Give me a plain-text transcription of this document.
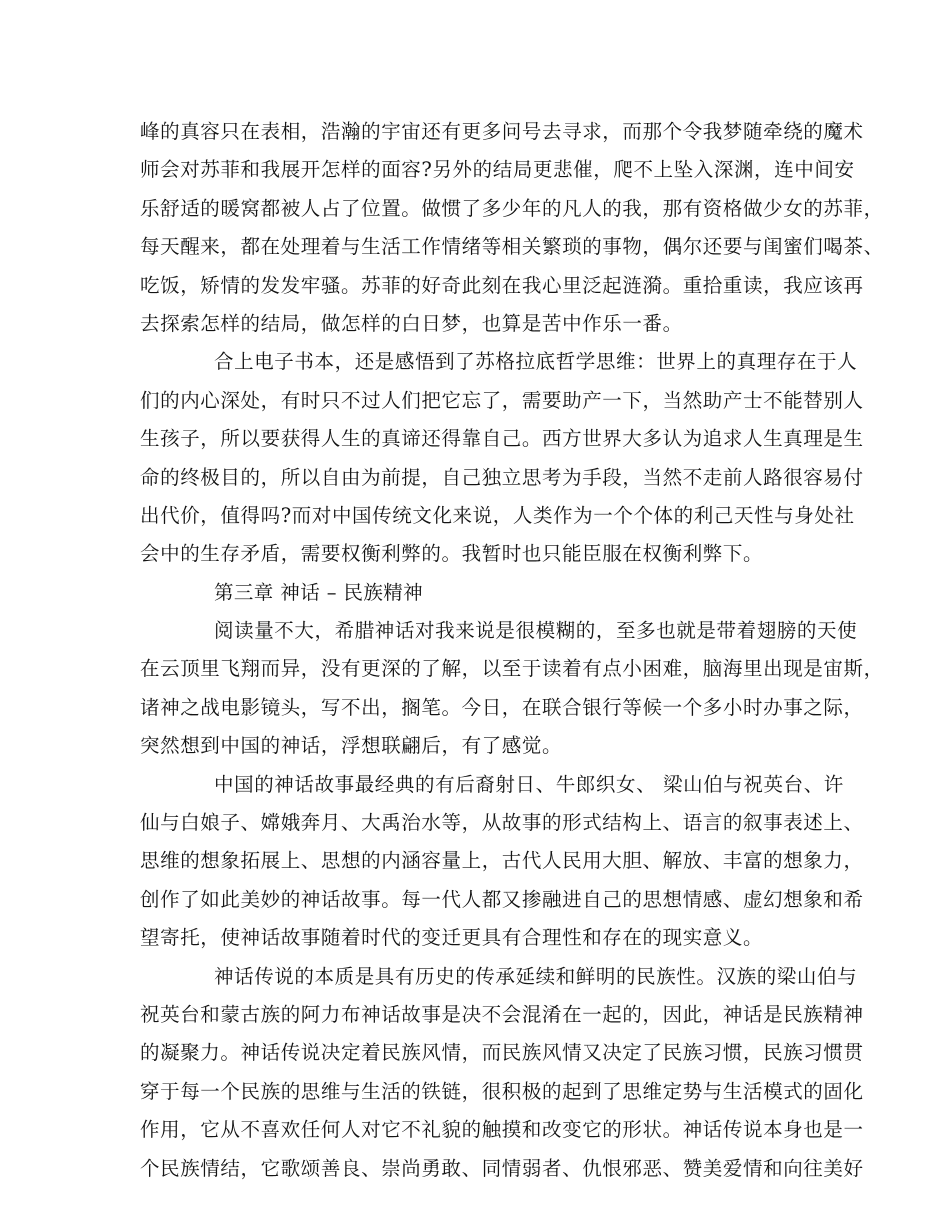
峰的真容只在表相，浩瀚的宇宙还有更多问号去寻求，而那个令我梦随牵绕的魔术
师会对苏菲和我展开怎样的面容?另外的结局更悲催，爬不上坠入深渊，连中间安
乐舒适的暖窝都被人占了位置。做惯了多少年的凡人的我，那有资格做少女的苏菲，
每天醒来，都在处理着与生活工作情绪等相关繁琐的事物，偶尔还要与闺蜜们喝茶、
吃饭，矫情的发发牢骚。苏菲的好奇此刻在我心里泛起涟漪。重拾重读，我应该再
去探索怎样的结局，做怎样的白日梦，也算是苦中作乐一番。
合上电子书本，还是感悟到了苏格拉底哲学思维：世界上的真理存在于人
们的内心深处，有时只不过人们把它忘了，需要助产一下，当然助产士不能替别人
生孩子，所以要获得人生的真谛还得靠自己。西方世界大多认为追求人生真理是生
命的终极目的，所以自由为前提，自己独立思考为手段，当然不走前人路很容易付
出代价，值得吗?而对中国传统文化来说，人类作为一个个体的利己天性与身处社
会中的生存矛盾，需要权衡利弊的。我暂时也只能臣服在权衡利弊下。
第三章 神话 – 民族精神
阅读量不大，希腊神话对我来说是很模糊的，至多也就是带着翅膀的天使
在云顶里飞翔而异，没有更深的了解，以至于读着有点小困难，脑海里出现是宙斯，
诸神之战电影镜头，写不出，搁笔。今日，在联合银行等候一个多小时办事之际，
突然想到中国的神话，浮想联翩后，有了感觉。
中国的神话故事最经典的有后裔射日、牛郎织女、 梁山伯与祝英台、许
仙与白娘子、嫦娥奔月、大禹治水等，从故事的形式结构上、语言的叙事表述上、
思维的想象拓展上、思想的内涵容量上，古代人民用大胆、解放、丰富的想象力，
创作了如此美妙的神话故事。每一代人都又掺融进自己的思想情感、虚幻想象和希
望寄托，使神话故事随着时代的变迁更具有合理性和存在的现实意义。
神话传说的本质是具有历史的传承延续和鲜明的民族性。汉族的梁山伯与
祝英台和蒙古族的阿力布神话故事是决不会混淆在一起的，因此，神话是民族精神
的凝聚力。神话传说决定着民族风情，而民族风情又决定了民族习惯，民族习惯贯
穿于每一个民族的思维与生活的铁链，很积极的起到了思维定势与生活模式的固化
作用，它从不喜欢任何人对它不礼貌的触摸和改变它的形状。神话传说本身也是一
个民族情结，它歌颂善良、崇尚勇敢、同情弱者、仇恨邪恶、赞美爱情和向往美好
